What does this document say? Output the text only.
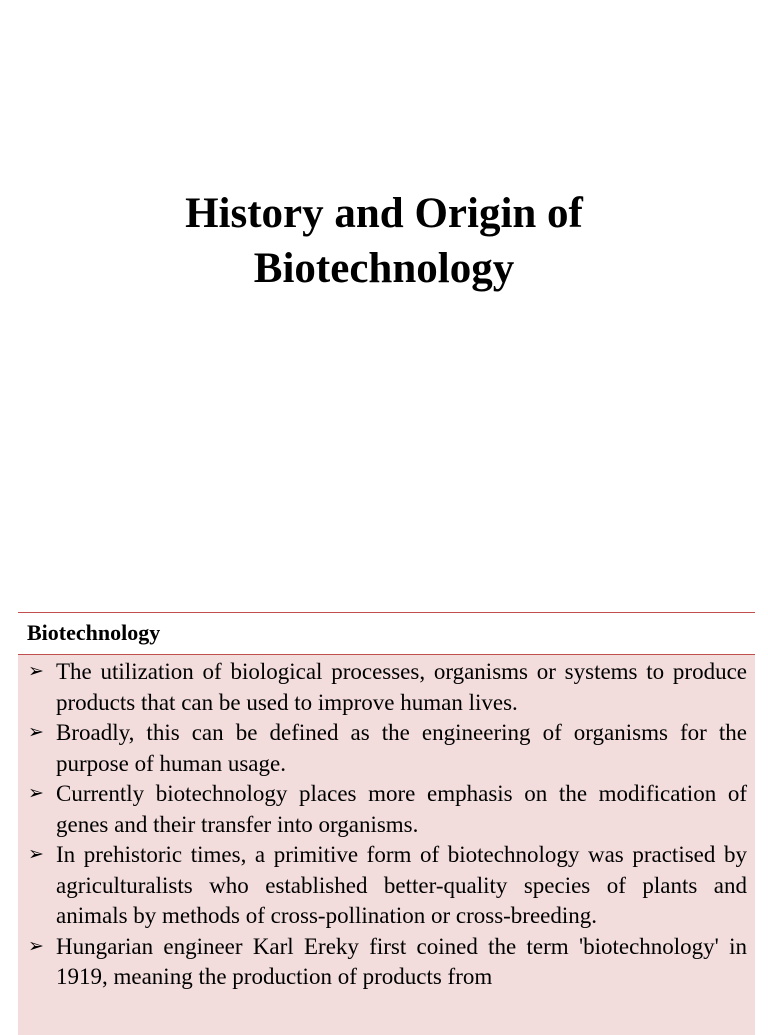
History and Origin of
Biotechnology
Biotechnology
➢ The utilization of biological processes, organisms or systems to produce products that can be used to improve human lives.
➢ Broadly, this can be defined as the engineering of organisms for the purpose of human usage.
➢ Currently biotechnology places more emphasis on the modification of genes and their transfer into organisms.
➢ In prehistoric times, a primitive form of biotechnology was practised by agriculturalists who established better-quality species of plants and animals by methods of cross-pollination or cross-breeding.
➢ Hungarian engineer Karl Ereky first coined the term 'biotechnology' in 1919, meaning the production of products from
